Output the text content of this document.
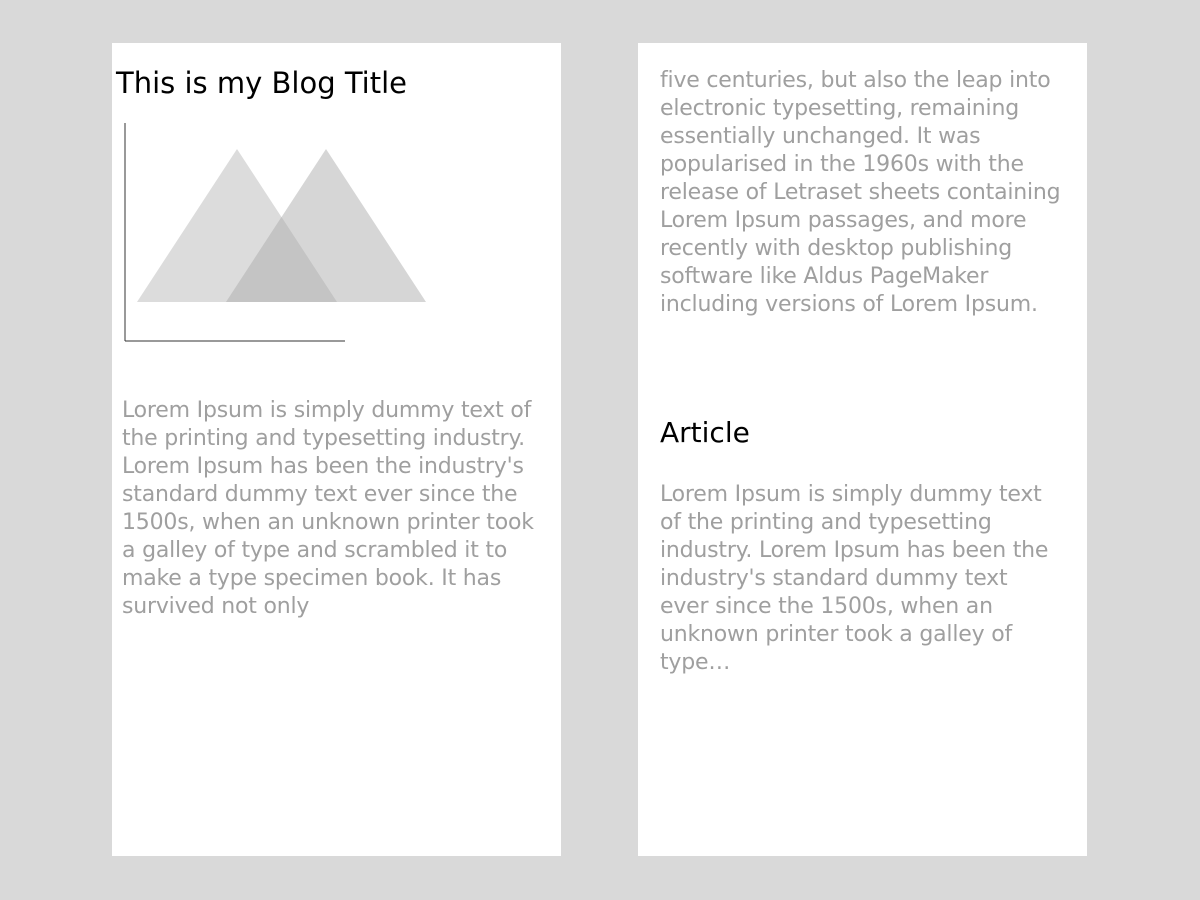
This is my Blog Title

Lorem Ipsum is simply dummy text of the printing and typesetting industry. Lorem Ipsum has been the industry's standard dummy text ever since the 1500s, when an unknown printer took a galley of type and scrambled it to make a type specimen book. It has survived not only

five centuries, but also the leap into electronic typesetting, remaining essentially unchanged. It was popularised in the 1960s with the release of Letraset sheets containing Lorem Ipsum passages, and more recently with desktop publishing software like Aldus PageMaker including versions of Lorem Ipsum.

Article

Lorem Ipsum is simply dummy text of the printing and typesetting industry. Lorem Ipsum has been the industry's standard dummy text ever since the 1500s, when an unknown printer took a galley of type…
